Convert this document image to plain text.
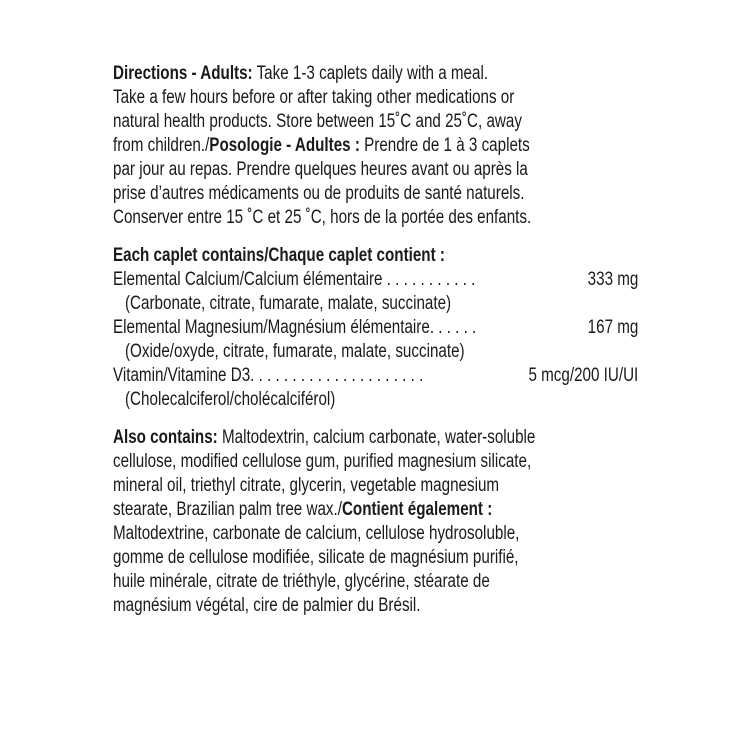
Directions - Adults: Take 1-3 caplets daily with a meal.
Take a few hours before or after taking other medications or
natural health products. Store between 15˚C and 25˚C, away
from children./Posologie - Adultes : Prendre de 1 à 3 caplets
par jour au repas. Prendre quelques heures avant ou après la
prise d’autres médicaments ou de produits de santé naturels.
Conserver entre 15 ˚C et 25 ˚C, hors de la portée des enfants.
Each caplet contains/Chaque caplet contient :
Elemental Calcium/Calcium élémentaire . . . . . . . . . . .	333 mg
(Carbonate, citrate, fumarate, malate, succinate)
Elemental Magnesium/Magnésium élémentaire. . . . . .	167 mg
(Oxide/oxyde, citrate, fumarate, malate, succinate)
Vitamin/Vitamine D3. . . . . . . . . . . . . . . . . . . . .	5 mcg/200 IU/UI
(Cholecalciferol/cholécalciférol)
Also contains: Maltodextrin, calcium carbonate, water-soluble
cellulose, modified cellulose gum, purified magnesium silicate,
mineral oil, triethyl citrate, glycerin, vegetable magnesium
stearate, Brazilian palm tree wax./Contient également :
Maltodextrine, carbonate de calcium, cellulose hydrosoluble,
gomme de cellulose modifiée, silicate de magnésium purifié,
huile minérale, citrate de triéthyle, glycérine, stéarate de
magnésium végétal, cire de palmier du Brésil.
